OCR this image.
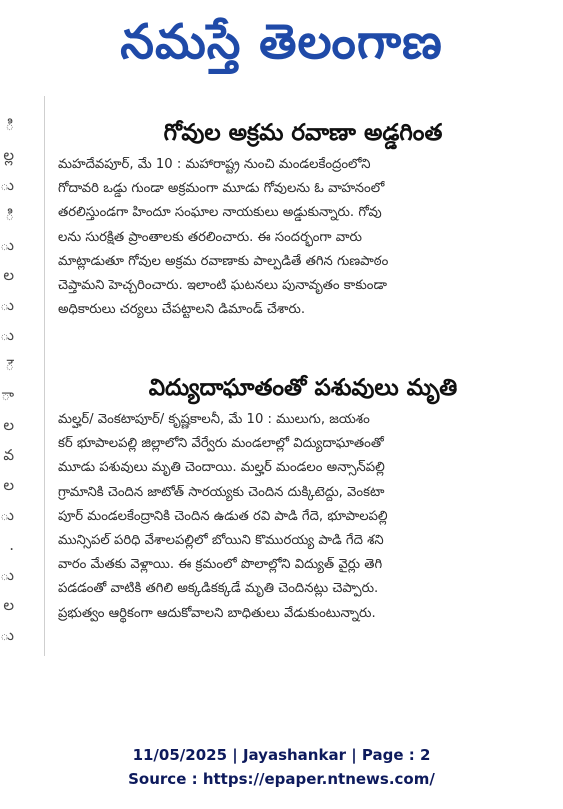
నమస్తే తెలంగాణ
ి
ల్ల
ు
ి
ు
ల
ు
ు
ౌ
ా
ల
వ
ల
ు
.
ు
ల
ు
గోవుల అక్రమ రవాణా అడ్డగింత
మహదేవపూర్, మే 10 : మహారాష్ట్ర నుంచి మండలకేంద్రంలోని
గోదావరి ఒడ్డు గుండా అక్రమంగా మూడు గోవులను ఓ వాహనంలో
తరలిస్తుండగా హిందూ సంఘాల నాయకులు అడ్డుకున్నారు. గోవు
లను సురక్షిత ప్రాంతాలకు తరలించారు. ఈ సందర్భంగా వారు
మాట్లాడుతూ గోవుల అక్రమ రవాణాకు పాల్పడితే తగిన గుణపాఠం
చెప్తామని హెచ్చరించారు. ఇలాంటి ఘటనలు పునావృతం కాకుండా
అధికారులు చర్యలు చేపట్టాలని డిమాండ్ చేశారు.
విద్యుదాఘాతంతో పశువులు మృతి
మల్హర్/ వెంకటాపూర్/ కృష్ణకాలనీ, మే 10 : ములుగు, జయశం
కర్ భూపాలపల్లి జిల్లాలోని వేర్వేరు మండలాల్లో విద్యుదాఘాతంతో
మూడు పశువులు మృతి చెందాయి. మల్హర్ మండలం అన్సాన్‌పల్లి
గ్రామానికి చెందిన జాటోత్ సారయ్యకు చెందిన దుక్కిటెద్దు, వెంకటా
పూర్ మండలకేంద్రానికి చెందిన ఉడుత రవి పాడి గేదె, భూపాలపల్లి
మున్సిపల్ పరిధి వేశాలపల్లిలో బోయిని కొమురయ్య పాడి గేదె శని
వారం మేతకు వెళ్లాయి. ఈ క్రమంలో పొలాల్లోని విద్యుత్ వైర్లు తెగి
పడడంతో వాటికి తగిలి అక్కడికక్కడే మృతి చెందినట్లు చెప్పారు.
ప్రభుత్వం ఆర్థికంగా ఆదుకోవాలని బాధితులు వేడుకుంటున్నారు.
11/05/2025 | Jayashankar | Page : 2
Source : https://epaper.ntnews.com/
